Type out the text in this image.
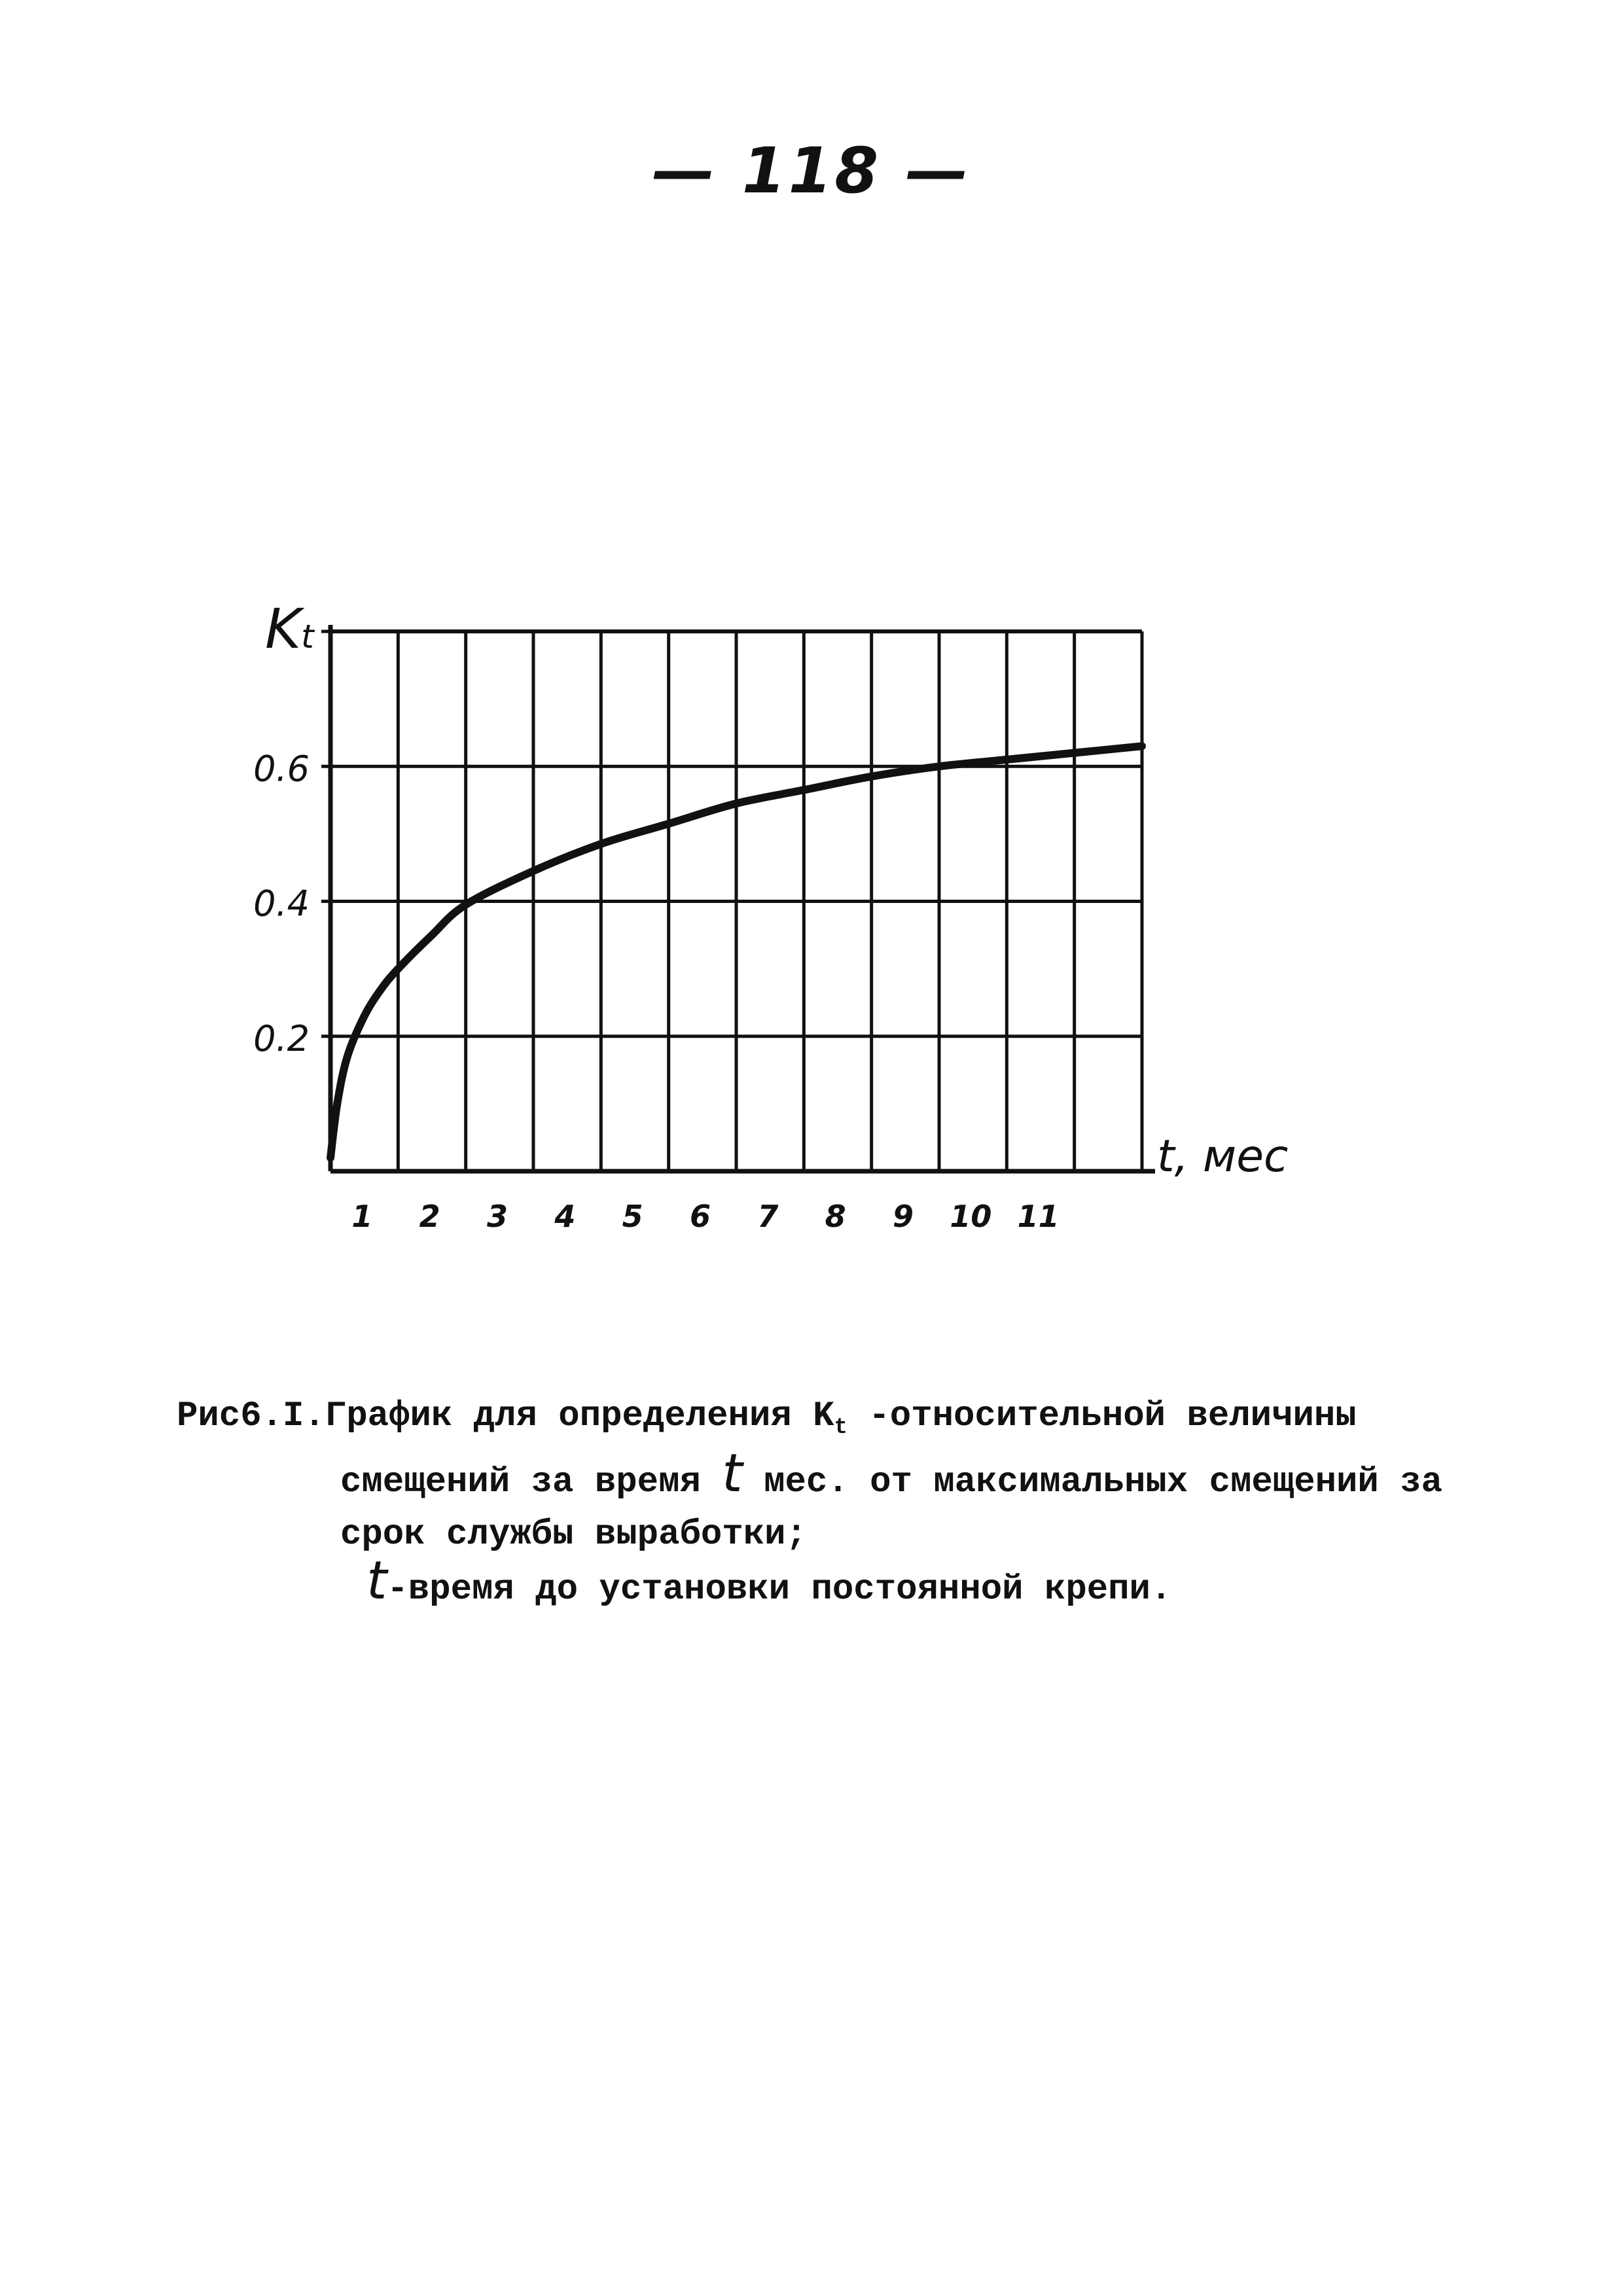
— 118 —
1 2 3 4 5 6 7 8 9 10 11
0.2
0.4
0.6
Kt
t, мес
Рис6.I.График для определения $K_t$ -относительной величины
смещений за время t мес. от максимальных смещений за
срок службы выработки;
t-время до установки постоянной крепи.
